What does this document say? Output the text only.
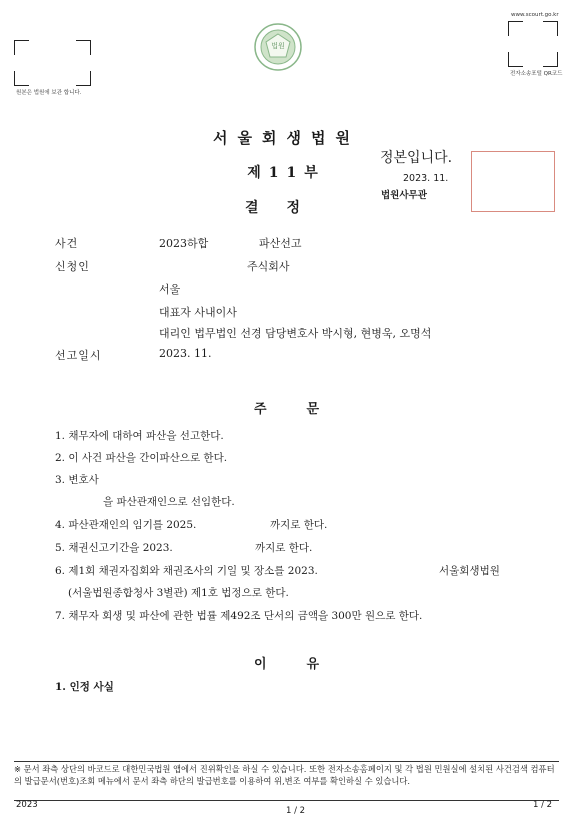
원본은 법원에 보관 합니다.
법원
www.scourt.go.kr
전자소송포털 QR코드
서울회생법원
제11부
결정
정본입니다.
2023. 11.
법원사무관
사건	2023하합	파산선고
신청인	주식회사
서울
대표자 사내이사
대리인 법무법인 선경 담당변호사 박시형, 현병욱, 오명석
선고일시	2023. 11.
주문
1. 채무자에 대하여 파산을 선고한다.
2. 이 사건 파산을 간이파산으로 한다.
3. 변호사
을 파산관재인으로 선임한다.
4. 파산관재인의 임기를 2025.	까지로 한다.
5. 채권신고기간을 2023.	까지로 한다.
6. 제1회 채권자집회와 채권조사의 기일 및 장소를 2023.	서울회생법원
(서울법원종합청사 3별관) 제1호 법정으로 한다.
7. 채무자 회생 및 파산에 관한 법률 제492조 단서의 금액을 300만 원으로 한다.
이유
1. 인정 사실
※ 문서 좌측 상단의 바코드로 대한민국법원 앱에서 진위확인을 하실 수 있습니다. 또한 전자소송홈페이지 및 각 법원 민원실에 설치된 사건검색 컴퓨터의 발급문서(번호)조회 메뉴에서 문서 좌측 하단의 발급번호를 이용하여 위,변조 여부를 확인하실 수 있습니다.
2023
1 / 2
1 / 2
